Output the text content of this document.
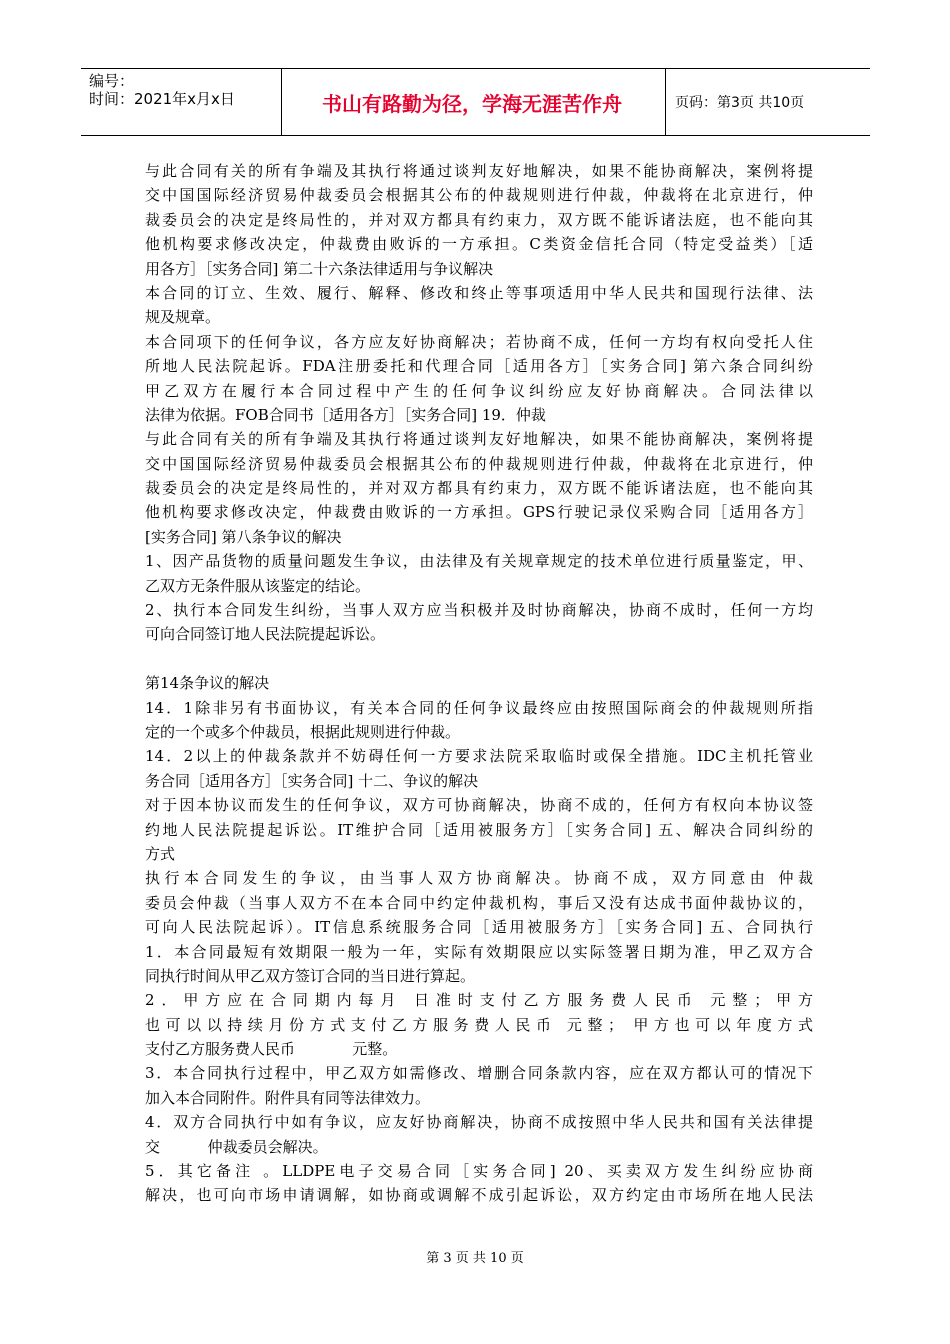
编号：
时间：2021年x月x日	书山有路勤为径，学海无涯苦作舟	页码：第3页 共10页
与此合同有关的所有争端及其执行将通过谈判友好地解决，如果不能协商解决，案例将提
交中国国际经济贸易仲裁委员会根据其公布的仲裁规则进行仲裁，仲裁将在北京进行，仲
裁委员会的决定是终局性的，并对双方都具有约束力，双方既不能诉诸法庭，也不能向其
他机构要求修改决定，仲裁费由败诉的一方承担。C类资金信托合同（特定受益类）［适
用各方］［实务合同] 第二十六条法律适用与争议解决
本合同的订立、生效、履行、解释、修改和终止等事项适用中华人民共和国现行法律、法
规及规章。
本合同项下的任何争议，各方应友好协商解决；若协商不成，任何一方均有权向受托人住
所地人民法院起诉。FDA注册委托和代理合同［适用各方］［实务合同] 第六条合同纠纷
甲乙双方在履行本合同过程中产生的任何争议纠纷应友好协商解决。合同法律以
法律为依据。FOB合同书［适用各方］［实务合同] 19．仲裁
与此合同有关的所有争端及其执行将通过谈判友好地解决，如果不能协商解决，案例将提
交中国国际经济贸易仲裁委员会根据其公布的仲裁规则进行仲裁，仲裁将在北京进行，仲
裁委员会的决定是终局性的，并对双方都具有约束力，双方既不能诉诸法庭，也不能向其
他机构要求修改决定，仲裁费由败诉的一方承担。GPS行驶记录仪采购合同［适用各方］
[实务合同] 第八条争议的解决
1、因产品货物的质量问题发生争议，由法律及有关规章规定的技术单位进行质量鉴定，甲、
乙双方无条件服从该鉴定的结论。
2、执行本合同发生纠纷，当事人双方应当积极并及时协商解决，协商不成时，任何一方均
可向合同签订地人民法院提起诉讼。
第14条争议的解决
14．1除非另有书面协议，有关本合同的任何争议最终应由按照国际商会的仲裁规则所指
定的一个或多个仲裁员，根据此规则进行仲裁。
14．2以上的仲裁条款并不妨碍任何一方要求法院采取临时或保全措施。IDC主机托管业
务合同［适用各方］［实务合同] 十二、争议的解决
对于因本协议而发生的任何争议，双方可协商解决，协商不成的，任何方有权向本协议签
约地人民法院提起诉讼。IT维护合同［适用被服务方］［实务合同] 五、解决合同纠纷的
方式
执行本合同发生的争议，由当事人双方协商解决。协商不成，双方同意由 仲裁
委员会仲裁（当事人双方不在本合同中约定仲裁机构，事后又没有达成书面仲裁协议的，
可向人民法院起诉）。IT信息系统服务合同［适用被服务方］［实务合同] 五、合同执行
1．本合同最短有效期限一般为一年，实际有效期限应以实际签署日期为准，甲乙双方合
同执行时间从甲乙双方签订合同的当日进行算起。
2．甲方应在合同期内每月 日准时支付乙方服务费人民币 元整；甲方
也可以以持续月份方式支付乙方服务费人民币 元整； 甲方也可以年度方式
支付乙方服务费人民币            元整。
3．本合同执行过程中，甲乙双方如需修改、增删合同条款内容，应在双方都认可的情况下
加入本合同附件。附件具有同等法律效力。
4．双方合同执行中如有争议，应友好协商解决，协商不成按照中华人民共和国有关法律提
交          仲裁委员会解决。
5．其它备注 。LLDPE电子交易合同［实务合同] 20、买卖双方发生纠纷应协商
解决，也可向市场申请调解，如协商或调解不成引起诉讼，双方约定由市场所在地人民法
第 3 页 共 10 页
